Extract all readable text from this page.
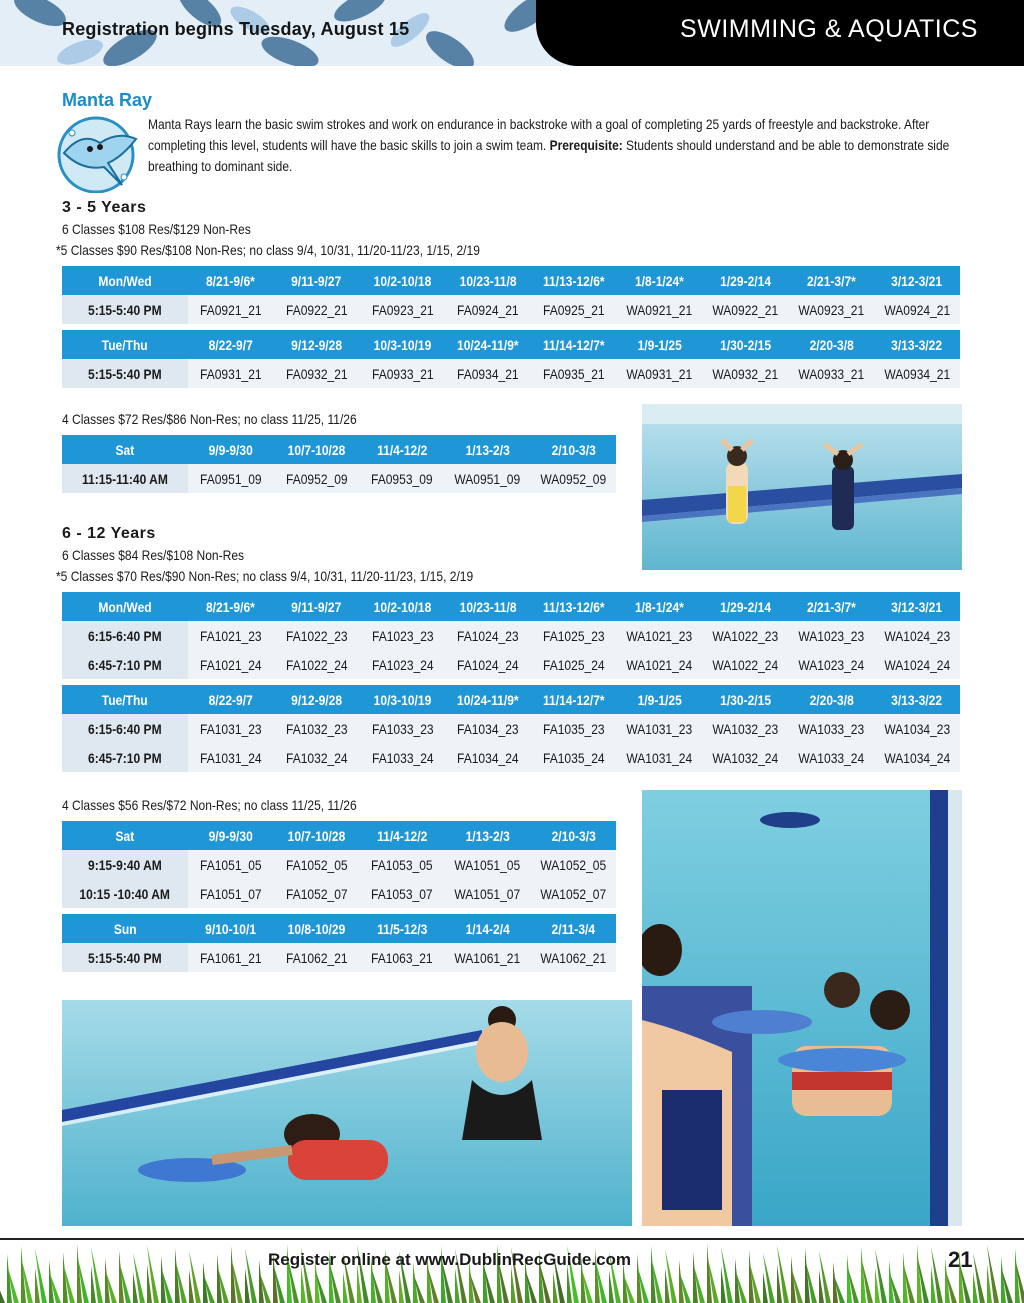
Registration begins Tuesday, August 15	SWIMMING & AQUATICS
Manta Ray
Manta Rays learn the basic swim strokes and work on endurance in backstroke with a goal of completing 25 yards of freestyle and backstroke. After completing this level, students will have the basic skills to join a swim team. Prerequisite: Students should understand and be able to demonstrate side breathing to dominant side.
3 - 5 Years
6 Classes $108 Res/$129 Non-Res
*5 Classes $90 Res/$108 Non-Res; no class 9/4, 10/31, 11/20-11/23, 1/15, 2/19
Mon/Wed	8/21-9/6*	9/11-9/27	10/2-10/18	10/23-11/8	11/13-12/6*	1/8-1/24*	1/29-2/14	2/21-3/7*	3/12-3/21
5:15-5:40 PM	FA0921_21	FA0922_21	FA0923_21	FA0924_21	FA0925_21	WA0921_21	WA0922_21	WA0923_21	WA0924_21

Tue/Thu	8/22-9/7	9/12-9/28	10/3-10/19	10/24-11/9*	11/14-12/7*	1/9-1/25	1/30-2/15	2/20-3/8	3/13-3/22
5:15-5:40 PM	FA0931_21	FA0932_21	FA0933_21	FA0934_21	FA0935_21	WA0931_21	WA0932_21	WA0933_21	WA0934_21
4 Classes $72 Res/$86 Non-Res; no class 11/25, 11/26
Sat	9/9-9/30	10/7-10/28	11/4-12/2	1/13-2/3	2/10-3/3
11:15-11:40 AM	FA0951_09	FA0952_09	FA0953_09	WA0951_09	WA0952_09
6 - 12 Years
6 Classes $84 Res/$108 Non-Res
*5 Classes $70 Res/$90 Non-Res; no class 9/4, 10/31, 11/20-11/23, 1/15, 2/19
Mon/Wed	8/21-9/6*	9/11-9/27	10/2-10/18	10/23-11/8	11/13-12/6*	1/8-1/24*	1/29-2/14	2/21-3/7*	3/12-3/21
6:15-6:40 PM	FA1021_23	FA1022_23	FA1023_23	FA1024_23	FA1025_23	WA1021_23	WA1022_23	WA1023_23	WA1024_23
6:45-7:10 PM	FA1021_24	FA1022_24	FA1023_24	FA1024_24	FA1025_24	WA1021_24	WA1022_24	WA1023_24	WA1024_24

Tue/Thu	8/22-9/7	9/12-9/28	10/3-10/19	10/24-11/9*	11/14-12/7*	1/9-1/25	1/30-2/15	2/20-3/8	3/13-3/22
6:15-6:40 PM	FA1031_23	FA1032_23	FA1033_23	FA1034_23	FA1035_23	WA1031_23	WA1032_23	WA1033_23	WA1034_23
6:45-7:10 PM	FA1031_24	FA1032_24	FA1033_24	FA1034_24	FA1035_24	WA1031_24	WA1032_24	WA1033_24	WA1034_24
4 Classes $56 Res/$72 Non-Res; no class 11/25, 11/26
Sat	9/9-9/30	10/7-10/28	11/4-12/2	1/13-2/3	2/10-3/3
9:15-9:40 AM	FA1051_05	FA1052_05	FA1053_05	WA1051_05	WA1052_05
10:15 -10:40 AM	FA1051_07	FA1052_07	FA1053_07	WA1051_07	WA1052_07

Sun	9/10-10/1	10/8-10/29	11/5-12/3	1/14-2/4	2/11-3/4
5:15-5:40 PM	FA1061_21	FA1062_21	FA1063_21	WA1061_21	WA1062_21
Register online at www.DublinRecGuide.com	21
